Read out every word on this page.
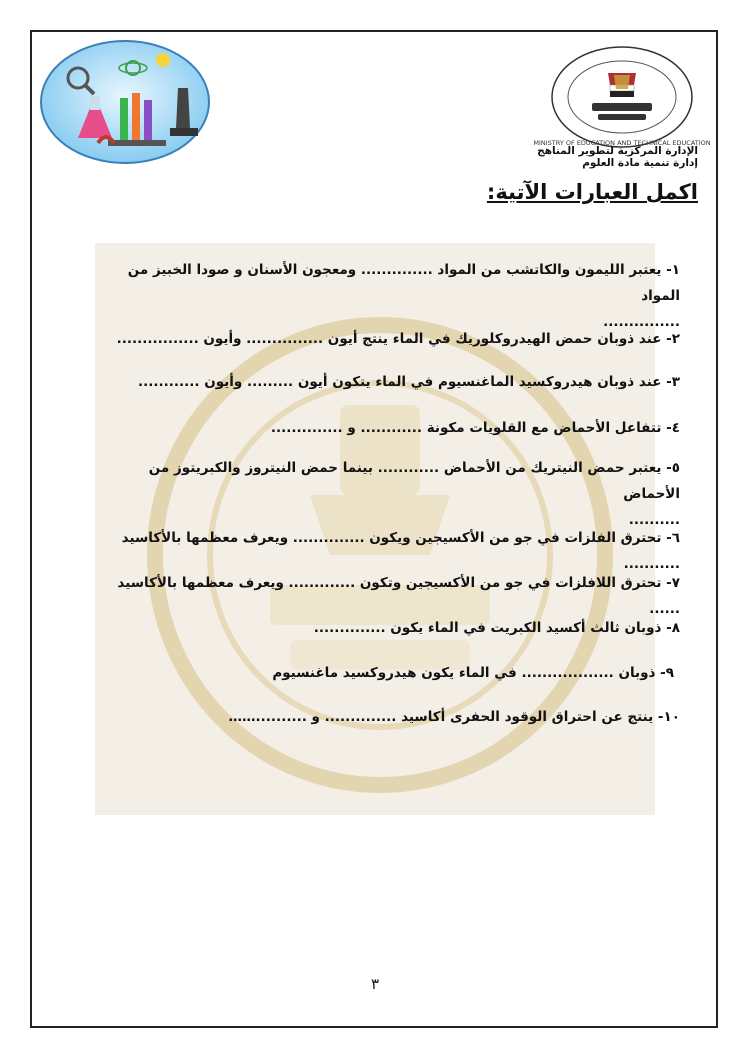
MINISTRY OF EDUCATION AND TECHNICAL EDUCATION
الإدارة المركزية لتطوير المناهج
إدارة تنمية مادة العلوم
اكمل العبارات الآتية:
١- يعتبر الليمون والكاتشب من المواد .............. ومعجون الأسنان و صودا الخبيز من المواد
...............
٢- عند ذوبان حمض الهيدروكلوريك في الماء ينتج أيون ............... وأيون ................
٣- عند ذوبان هيدروكسيد الماغنسيوم في الماء يتكون أيون ......... وأيون ............
٤- تتفاعل الأحماض مع القلويات مكونة ............ و ..............
٥- يعتبر حمض النيتريك من الأحماض ............ بينما حمض النيتروز والكبريتوز من الأحماض
..........
٦- تحترق الفلزات في جو من الأكسيجين ويكون .............. ويعرف معظمها بالأكاسيد ...........
٧- تحترق اللافلزات في جو من الأكسيجين وتكون ............. ويعرف معظمها بالأكاسيد ......
٨- ذوبان ثالث أكسيد الكبريت في الماء يكون ..............
٩- ذوبان .................. في الماء يكون هيدروكسيد ماغنسيوم
١٠- ينتج عن احتراق الوقود الحفرى أكاسيد .............. و ..........……
٣
